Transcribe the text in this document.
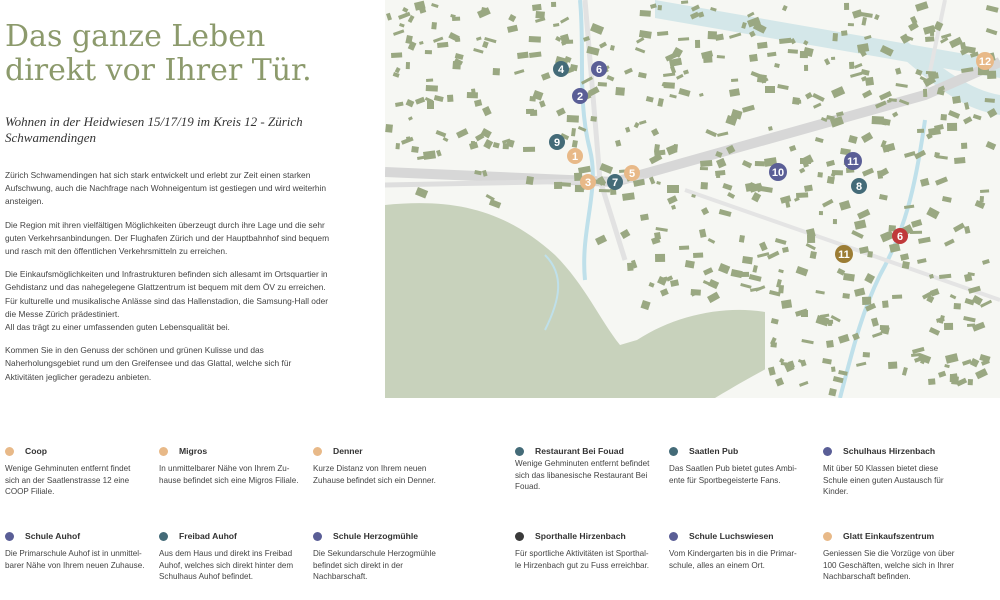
Das ganze Leben
direkt vor Ihrer Tür.
Wohnen in der Heidwiesen 15/17/19 im Kreis 12 - Zürich Schwamendingen

Zürich Schwamendingen hat sich stark entwickelt und erlebt zur Zeit einen starken Aufschwung, auch die Nachfrage nach Wohneigentum ist gestiegen und wird weiterhin ansteigen.

Die Region mit ihren vielfältigen Möglichkeiten überzeugt durch ihre Lage und die sehr guten Verkehrsanbindungen. Der Flughafen Zürich und der Hauptbahnhof sind bequem und rasch mit den öffentlichen Verkehrsmitteln zu erreichen.

Die Einkaufsmöglichkeiten und Infrastrukturen befinden sich allesamt im Ortsquartier in Gehdistanz und das nahegelegene Glattzentrum ist bequem mit dem ÖV zu erreichen. Für kulturelle und musikalische Anlässe sind das Hallenstadion, die Samsung-Hall oder die Messe Zürich prädestiniert.
All das trägt zu einer umfassenden guten Lebensqualität bei.

Kommen Sie in den Genuss der schönen und grünen Kulisse und das Naherholungsgebiet rund um den Greifensee und das Glattal, welche sich für Aktivitäten jeglicher geradezu anbieten.

1
2
3
4
5
6
6
7	8
9
10
11
11
12
Coop
Wenige Gehminuten entfernt findet
sich an der Saatlenstrasse 12 eine
COOP Filiale.
Migros
In unmittelbarer Nähe von Ihrem Zu-
hause befindet sich eine Migros Filiale.
Denner
Kurze Distanz von Ihrem neuen
Zuhause befindet sich ein Denner.
Restaurant Bei Fouad
Wenige Gehminuten entfernt befindet
sich das libanesische Restaurant Bei
Fouad.
Saatlen Pub
Das Saatlen Pub bietet gutes Ambi-
ente für Sportbegeisterte Fans.
Schulhaus Hirzenbach
Mit über 50 Klassen bietet diese
Schule einen guten Austausch für
Kinder.
Schule Auhof
Die Primarschule Auhof ist in unmittel-
barer Nähe von Ihrem neuen Zuhause.
Freibad Auhof
Aus dem Haus und direkt ins Freibad
Auhof, welches sich direkt hinter dem
Schulhaus Auhof befindet.
Schule Herzogmühle
Die Sekundarschule Herzogmühle
befindet sich direkt in der
Nachbarschaft.
Sporthalle Hirzenbach
Für sportliche Aktivitäten ist Sporthal-
le Hirzenbach gut zu Fuss erreichbar.
Schule Luchswiesen
Vom Kindergarten bis in die Primar-
schule, alles an einem Ort.
Glatt Einkaufszentrum
Geniessen Sie die Vorzüge von über
100 Geschäften, welche sich in Ihrer
Nachbarschaft befinden.
